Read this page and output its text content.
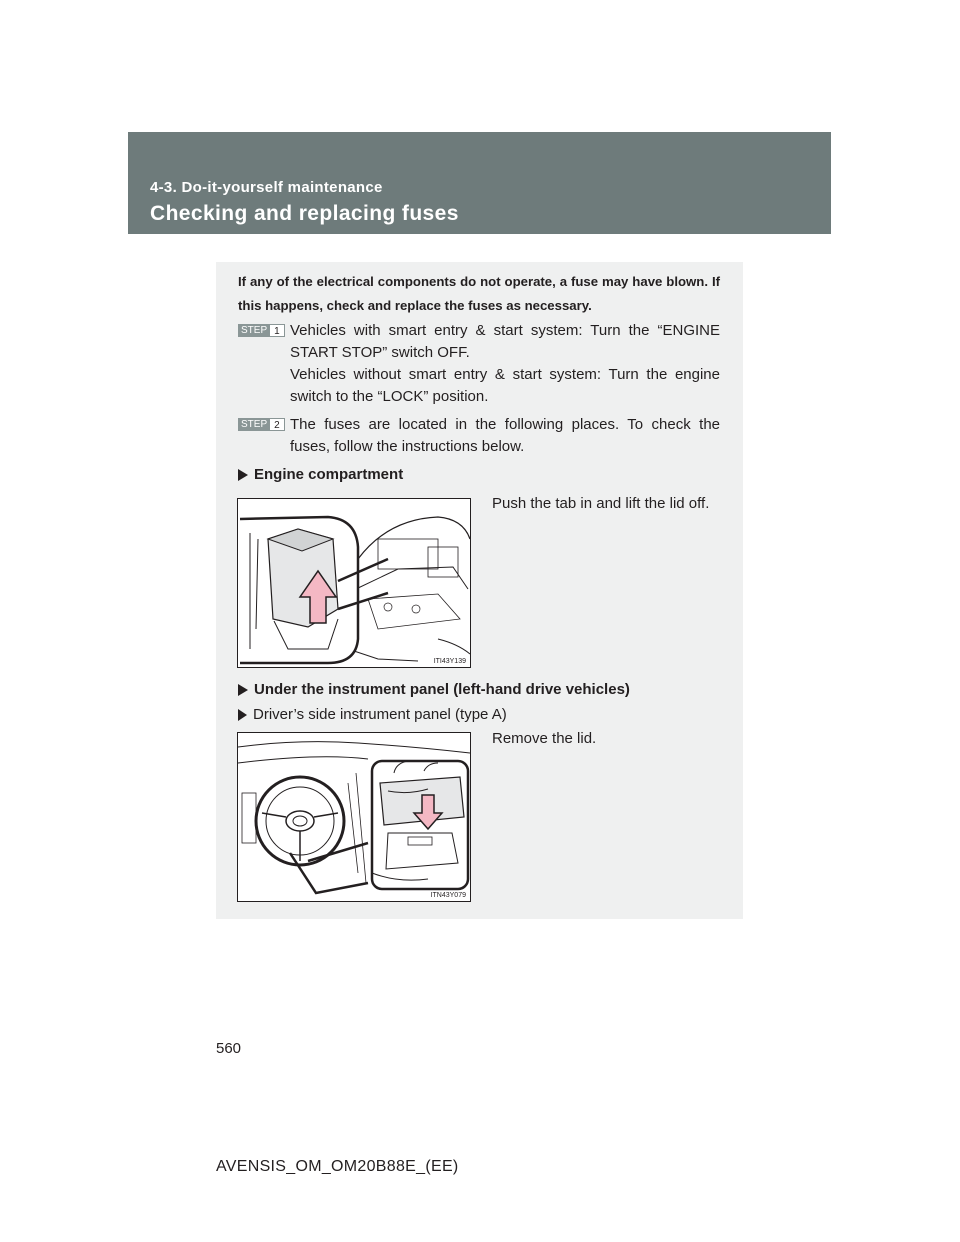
4-3. Do-it-yourself maintenance
Checking and replacing fuses
If any of the electrical components do not operate, a fuse may have blown. If this happens, check and replace the fuses as necessary.
STEP 1 Vehicles with smart entry & start system: Turn the “ENGINE START STOP” switch OFF.

Vehicles without smart entry & start system: Turn the engine switch to the “LOCK” position.

STEP 2 The fuses are located in the following places. To check the fuses, follow the instructions below.

Engine compartment
ITI43Y139
Push the tab in and lift the lid off.
Under the instrument panel (left-hand drive vehicles)
Driver’s side instrument panel (type A)
ITN43Y079
Remove the lid.
560
AVENSIS_OM_OM20B88E_(EE)
